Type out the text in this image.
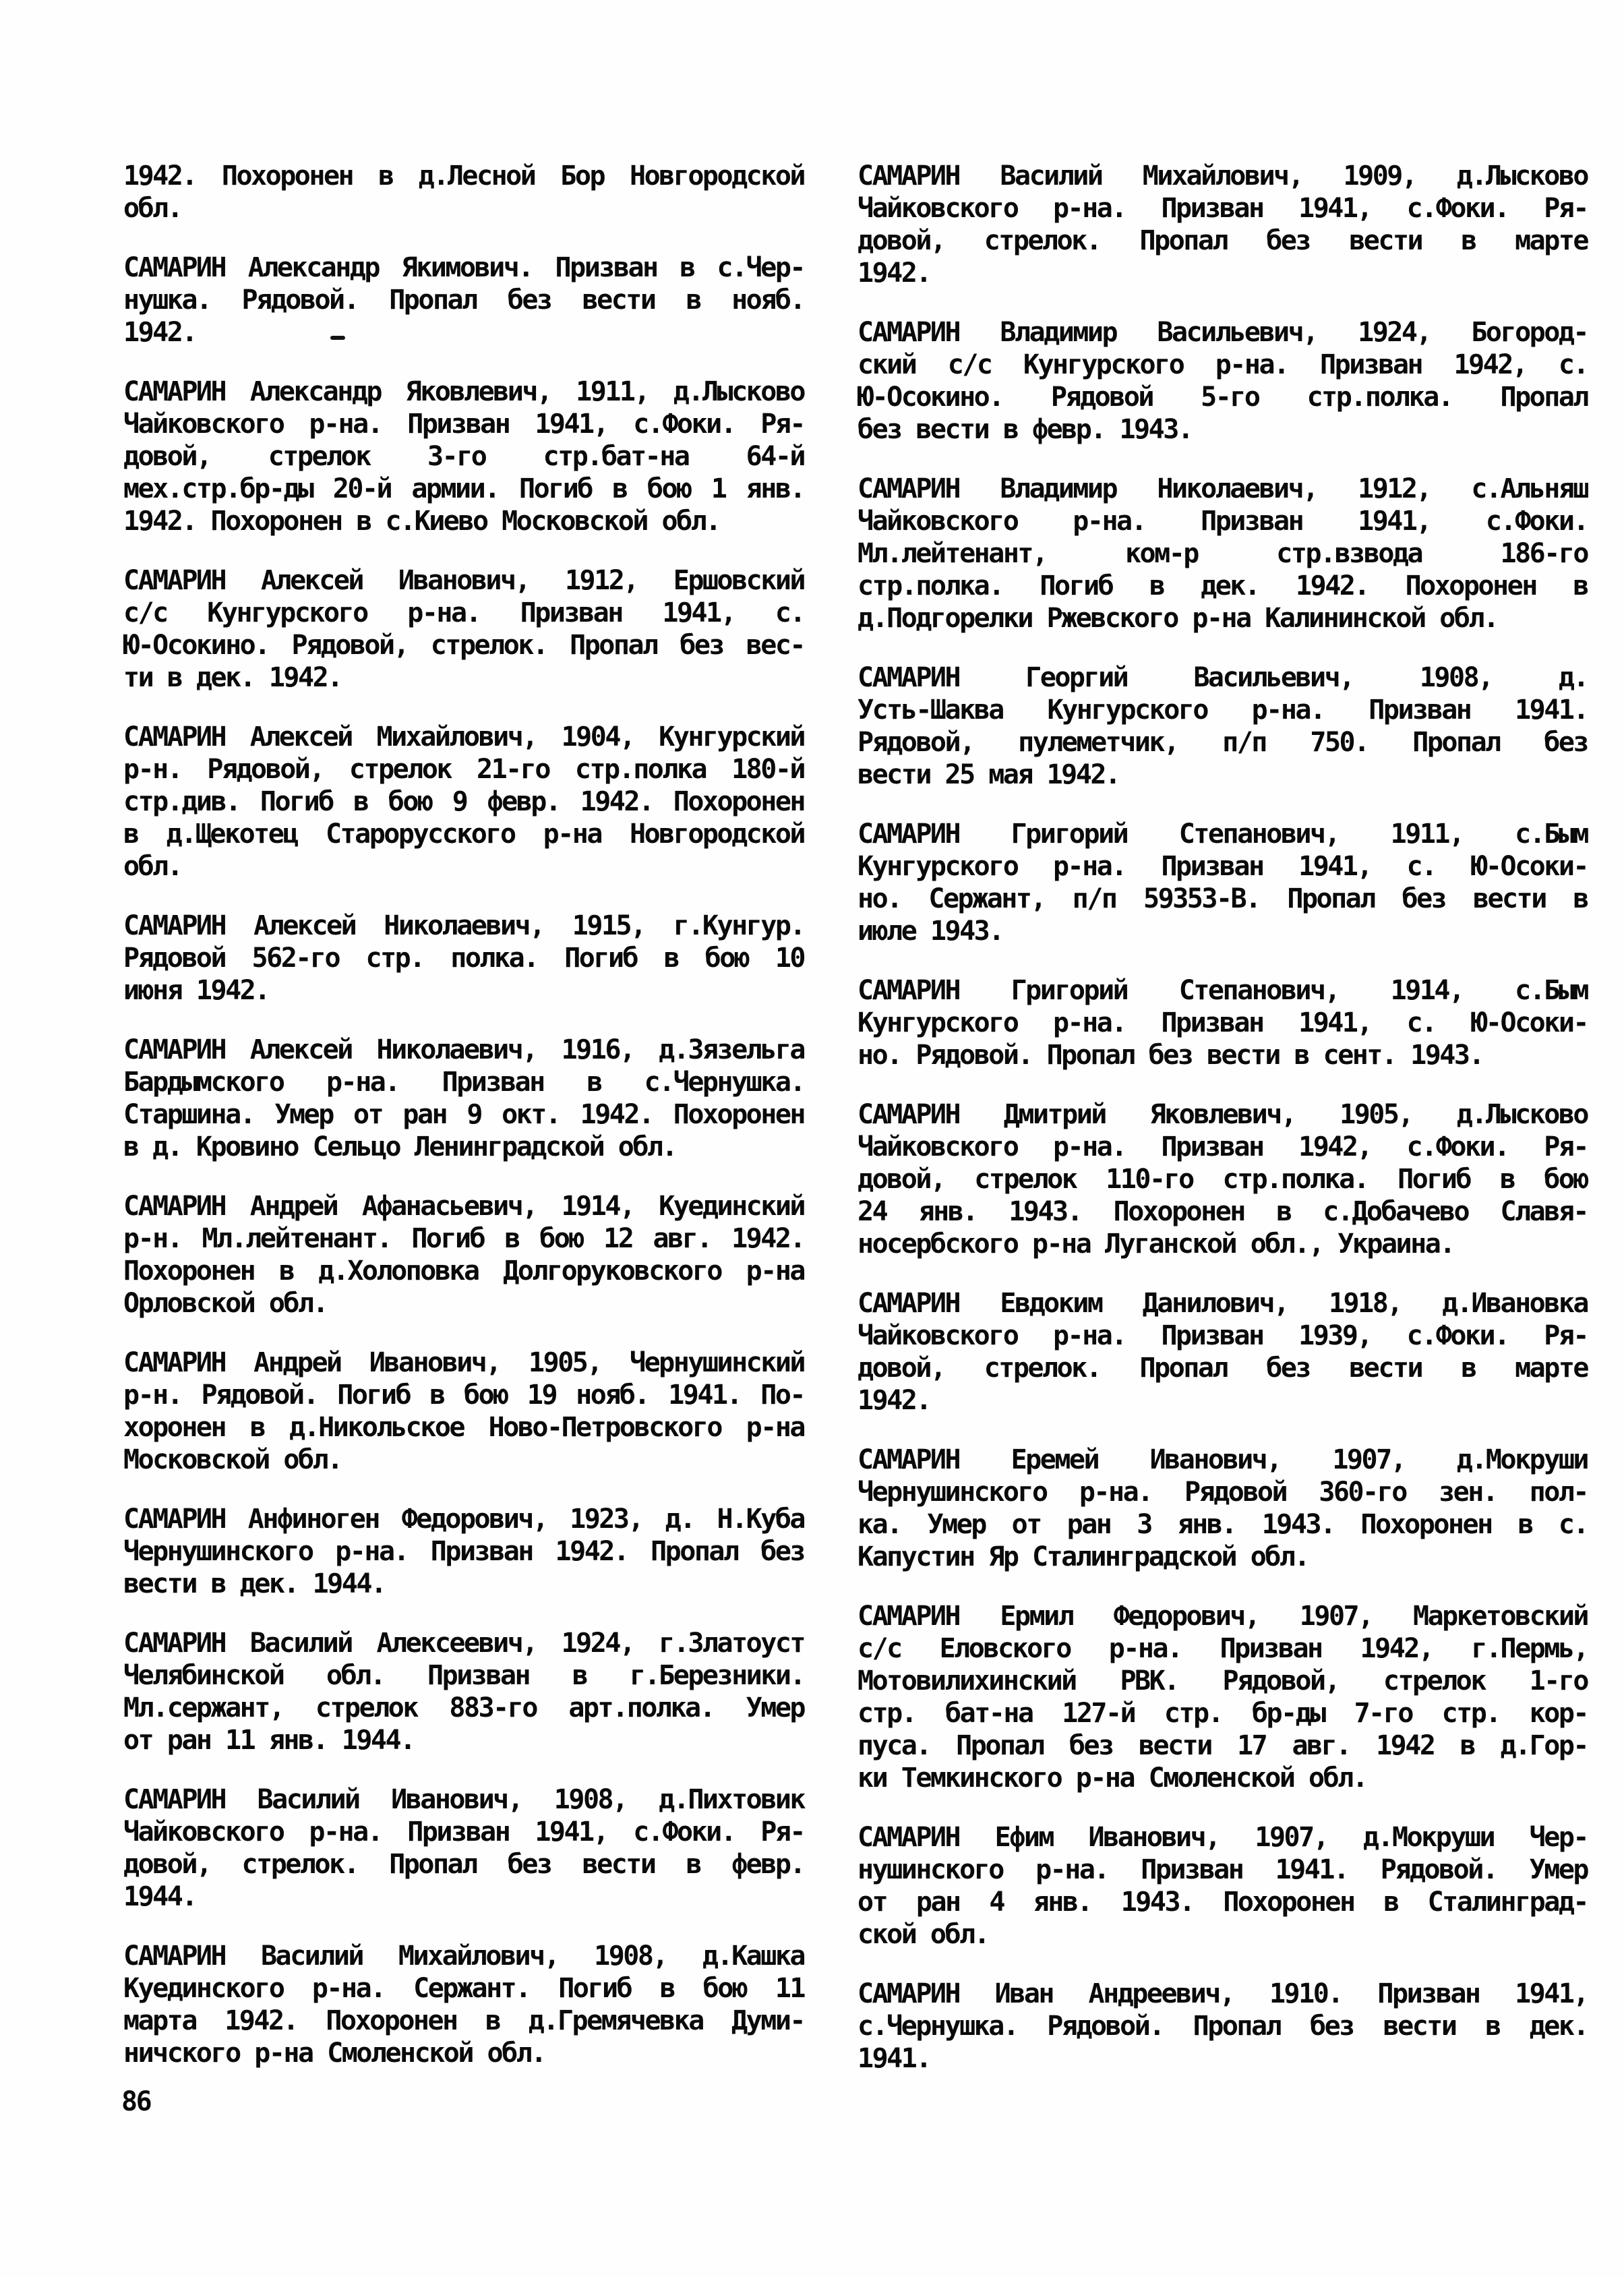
1942. Похоронен в д.Лесной Бор Новгородской
обл.
САМАРИН Александр Якимович. Призван в с.Чер-
нушка. Рядовой. Пропал без вести в нояб.
1942.
САМАРИН Александр Яковлевич, 1911, д.Лысково
Чайковского р-на. Призван 1941, с.Фоки. Ря-
довой, стрелок 3-го стр.бат-на 64-й
мех.стр.бр-ды 20-й армии. Погиб в бою 1 янв.
1942. Похоронен в с.Киево Московской обл.
САМАРИН Алексей Иванович, 1912, Ершовский
с/с Кунгурского р-на. Призван 1941, с.
Ю-Осокино. Рядовой, стрелок. Пропал без вес-
ти в дек. 1942.
САМАРИН Алексей Михайлович, 1904, Кунгурский
р-н. Рядовой, стрелок 21-го стр.полка 180-й
стр.див. Погиб в бою 9 февр. 1942. Похоронен
в д.Щекотец Старорусского р-на Новгородской
обл.
САМАРИН Алексей Николаевич, 1915, г.Кунгур.
Рядовой 562-го стр. полка. Погиб в бою 10
июня 1942.
САМАРИН Алексей Николаевич, 1916, д.Зязельга
Бардымского р-на. Призван в с.Чернушка.
Старшина. Умер от ран 9 окт. 1942. Похоронен
в д. Кровино Сельцо Ленинградской обл.
САМАРИН Андрей Афанасьевич, 1914, Куединский
р-н. Мл.лейтенант. Погиб в бою 12 авг. 1942.
Похоронен в д.Холоповка Долгоруковского р-на
Орловской обл.
САМАРИН Андрей Иванович, 1905, Чернушинский
р-н. Рядовой. Погиб в бою 19 нояб. 1941. По-
хоронен в д.Никольское Ново-Петровского р-на
Московской обл.
САМАРИН Анфиноген Федорович, 1923, д. Н.Куба
Чернушинского р-на. Призван 1942. Пропал без
вести в дек. 1944.
САМАРИН Василий Алексеевич, 1924, г.Златоуст
Челябинской обл. Призван в г.Березники.
Мл.сержант, стрелок 883-го арт.полка. Умер
от ран 11 янв. 1944.
САМАРИН Василий Иванович, 1908, д.Пихтовик
Чайковского р-на. Призван 1941, с.Фоки. Ря-
довой, стрелок. Пропал без вести в февр.
1944.
САМАРИН Василий Михайлович, 1908, д.Кашка
Куединского р-на. Сержант. Погиб в бою 11
марта 1942. Похоронен в д.Гремячевка Думи-
ничского р-на Смоленской обл.
САМАРИН Василий Михайлович, 1909, д.Лысково
Чайковского р-на. Призван 1941, с.Фоки. Ря-
довой, стрелок. Пропал без вести в марте
1942.
САМАРИН Владимир Васильевич, 1924, Богород-
ский с/с Кунгурского р-на. Призван 1942, с.
Ю-Осокино. Рядовой 5-го стр.полка. Пропал
без вести в февр. 1943.
САМАРИН Владимир Николаевич, 1912, с.Альняш
Чайковского р-на. Призван 1941, с.Фоки.
Мл.лейтенант, ком-р стр.взвода 186-го
стр.полка. Погиб в дек. 1942. Похоронен в
д.Подгорелки Ржевского р-на Калининской обл.
САМАРИН Георгий Васильевич, 1908, д.
Усть-Шаква Кунгурского р-на. Призван 1941.
Рядовой, пулеметчик, п/п 750. Пропал без
вести 25 мая 1942.
САМАРИН Григорий Степанович, 1911, с.Бым
Кунгурского р-на. Призван 1941, с. Ю-Осоки-
но. Сержант, п/п 59353-В. Пропал без вести в
июле 1943.
САМАРИН Григорий Степанович, 1914, с.Бым
Кунгурского р-на. Призван 1941, с. Ю-Осоки-
но. Рядовой. Пропал без вести в сент. 1943.
САМАРИН Дмитрий Яковлевич, 1905, д.Лысково
Чайковского р-на. Призван 1942, с.Фоки. Ря-
довой, стрелок 110-го стр.полка. Погиб в бою
24 янв. 1943. Похоронен в с.Добачево Славя-
носербского р-на Луганской обл., Украина.
САМАРИН Евдоким Данилович, 1918, д.Ивановка
Чайковского р-на. Призван 1939, с.Фоки. Ря-
довой, стрелок. Пропал без вести в марте
1942.
САМАРИН Еремей Иванович, 1907, д.Мокруши
Чернушинского р-на. Рядовой 360-го зен. пол-
ка. Умер от ран 3 янв. 1943. Похоронен в с.
Капустин Яр Сталинградской обл.
САМАРИН Ермил Федорович, 1907, Маркетовский
с/с Еловского р-на. Призван 1942, г.Пермь,
Мотовилихинский РВК. Рядовой, стрелок 1-го
стр. бат-на 127-й стр. бр-ды 7-го стр. кор-
пуса. Пропал без вести 17 авг. 1942 в д.Гор-
ки Темкинского р-на Смоленской обл.
САМАРИН Ефим Иванович, 1907, д.Мокруши Чер-
нушинского р-на. Призван 1941. Рядовой. Умер
от ран 4 янв. 1943. Похоронен в Сталинград-
ской обл.
САМАРИН Иван Андреевич, 1910. Призван 1941,
с.Чернушка. Рядовой. Пропал без вести в дек.
1941.
86
